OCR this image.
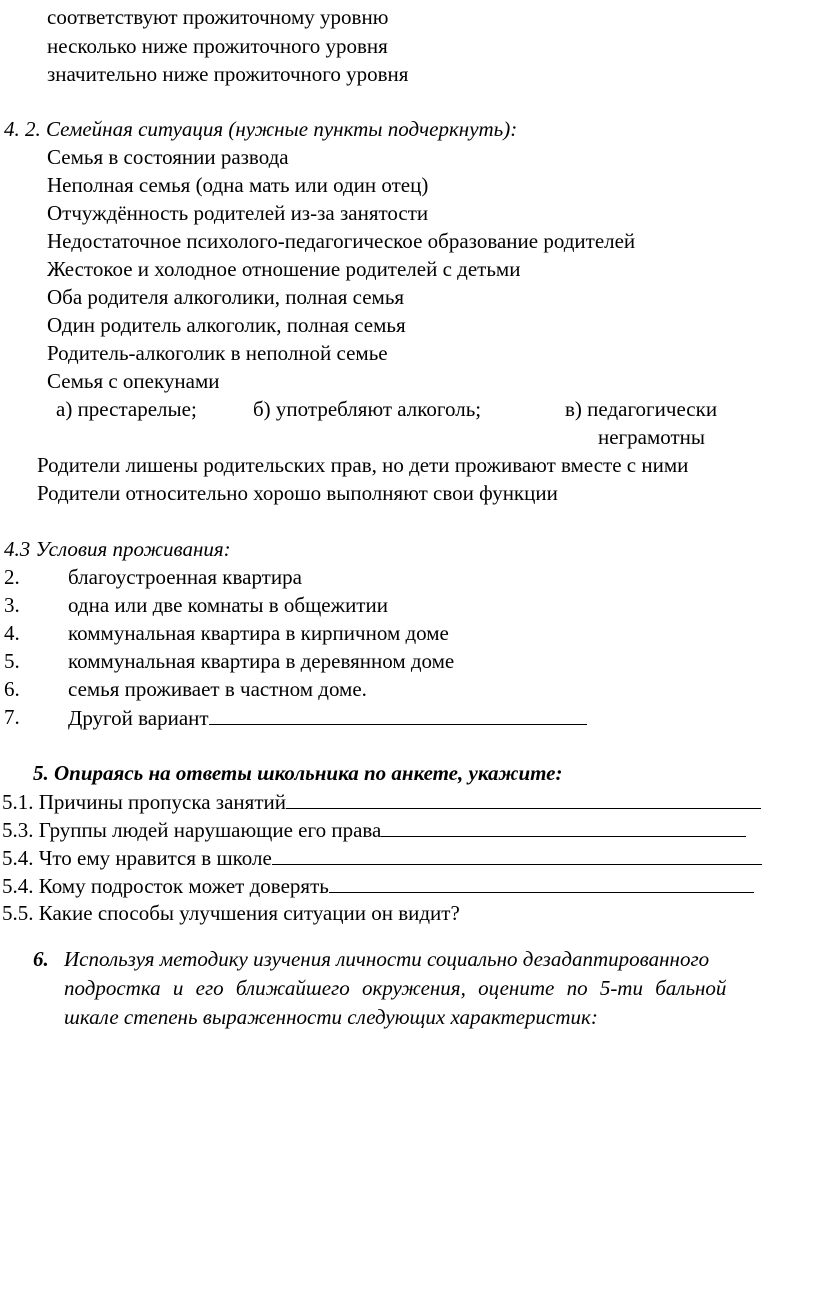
соответствуют прожиточному уровню
несколько ниже прожиточного уровня
значительно ниже прожиточного уровня
4. 2. Семейная ситуация (нужные пункты подчеркнуть):
Семья в состоянии развода
Неполная семья (одна мать или один отец)
Отчуждённость родителей из-за занятости
Недостаточное психолого-педагогическое образование родителей
Жестокое и холодное отношение родителей с детьми
Оба родителя алкоголики, полная семья
Один родитель алкоголик, полная семья
Родитель-алкоголик в неполной семье
Семья с опекунами
а) престарелые;	б) употребляют алкоголь;	в) педагогически
неграмотны
Родители лишены родительских прав, но дети проживают вместе с ними
Родители относительно хорошо выполняют свои функции
4.3 Условия проживания:
2. благоустроенная квартира
3. одна или две комнаты в общежитии
4. коммунальная квартира в кирпичном доме
5. коммунальная квартира в деревянном доме
6. семья проживает в частном доме.
7. Другой вариант
5. Опираясь на ответы школьника по анкете, укажите:
5.1. Причины пропуска занятий
5.3. Группы людей нарушающие его права
5.4. Что ему нравится в школе
5.4. Кому подросток может доверять
5.5. Какие способы улучшения ситуации он видит?
6. Используя методику изучения личности социально дезадаптированного
подростка и его ближайшего окружения, оцените по 5-ти бальной
шкале степень выраженности следующих характеристик:
